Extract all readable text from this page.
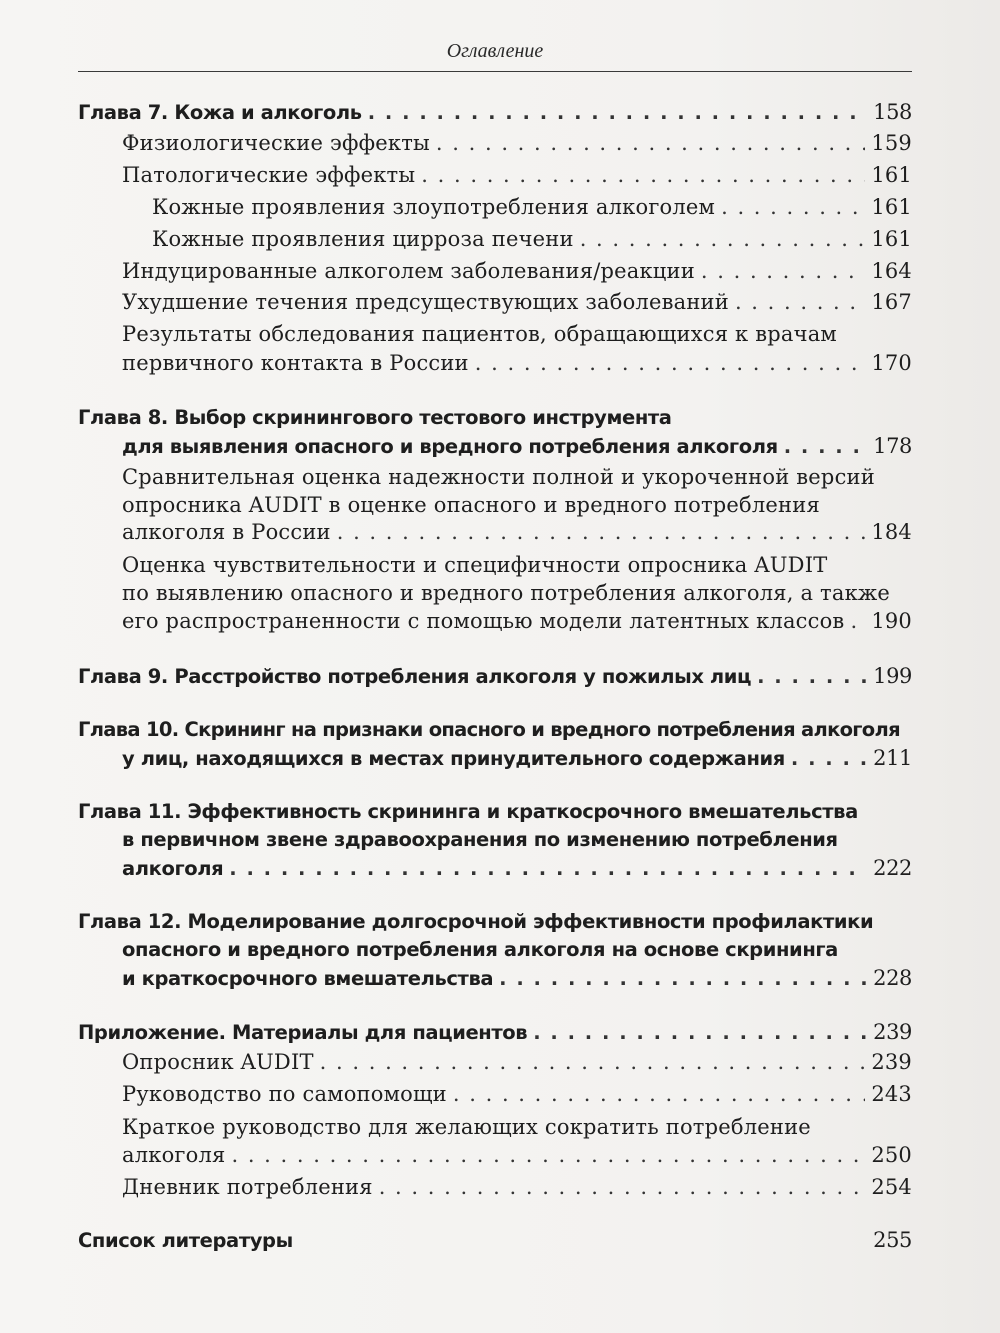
Оглавление
Глава 7. Кожа и алкоголь . . .	158
Физиологические эффекты . . .	159
Патологические эффекты . . .	161
Кожные проявления злоупотребления алкоголем . . .	161
Кожные проявления цирроза печени . . .	161
Индуцированные алкоголем заболевания/реакции . . .	164
Ухудшение течения предсуществующих заболеваний . . .	167
Результаты обследования пациентов, обращающихся к врачам
первичного контакта в России . . .	170
Глава 8. Выбор скринингового тестового инструмента
для выявления опасного и вредного потребления алкоголя . . .	178
Сравнительная оценка надежности полной и укороченной версий
опросника AUDIT в оценке опасного и вредного потребления
алкоголя в России . . .	184
Оценка чувствительности и специфичности опросника AUDIT
по выявлению опасного и вредного потребления алкоголя, а также
его распространенности с помощью модели латентных классов . . . 190
Глава 9. Расстройство потребления алкоголя у пожилых лиц . . .	199
Глава 10. Скрининг на признаки опасного и вредного потребления алкоголя
у лиц, находящихся в местах принудительного содержания . . .	211
Глава 11. Эффективность скрининга и краткосрочного вмешательства
в первичном звене здравоохранения по изменению потребления
алкоголя . . .	222
Глава 12. Моделирование долгосрочной эффективности профилактики
опасного и вредного потребления алкоголя на основе скрининга
и краткосрочного вмешательства . . .	228
Приложение. Материалы для пациентов . . .	239
Опросник AUDIT . . .	239
Руководство по самопомощи . . .	243
Краткое руководство для желающих сократить потребление
алкоголя . . .	250
Дневник потребления . . .	254
Список литературы	255
